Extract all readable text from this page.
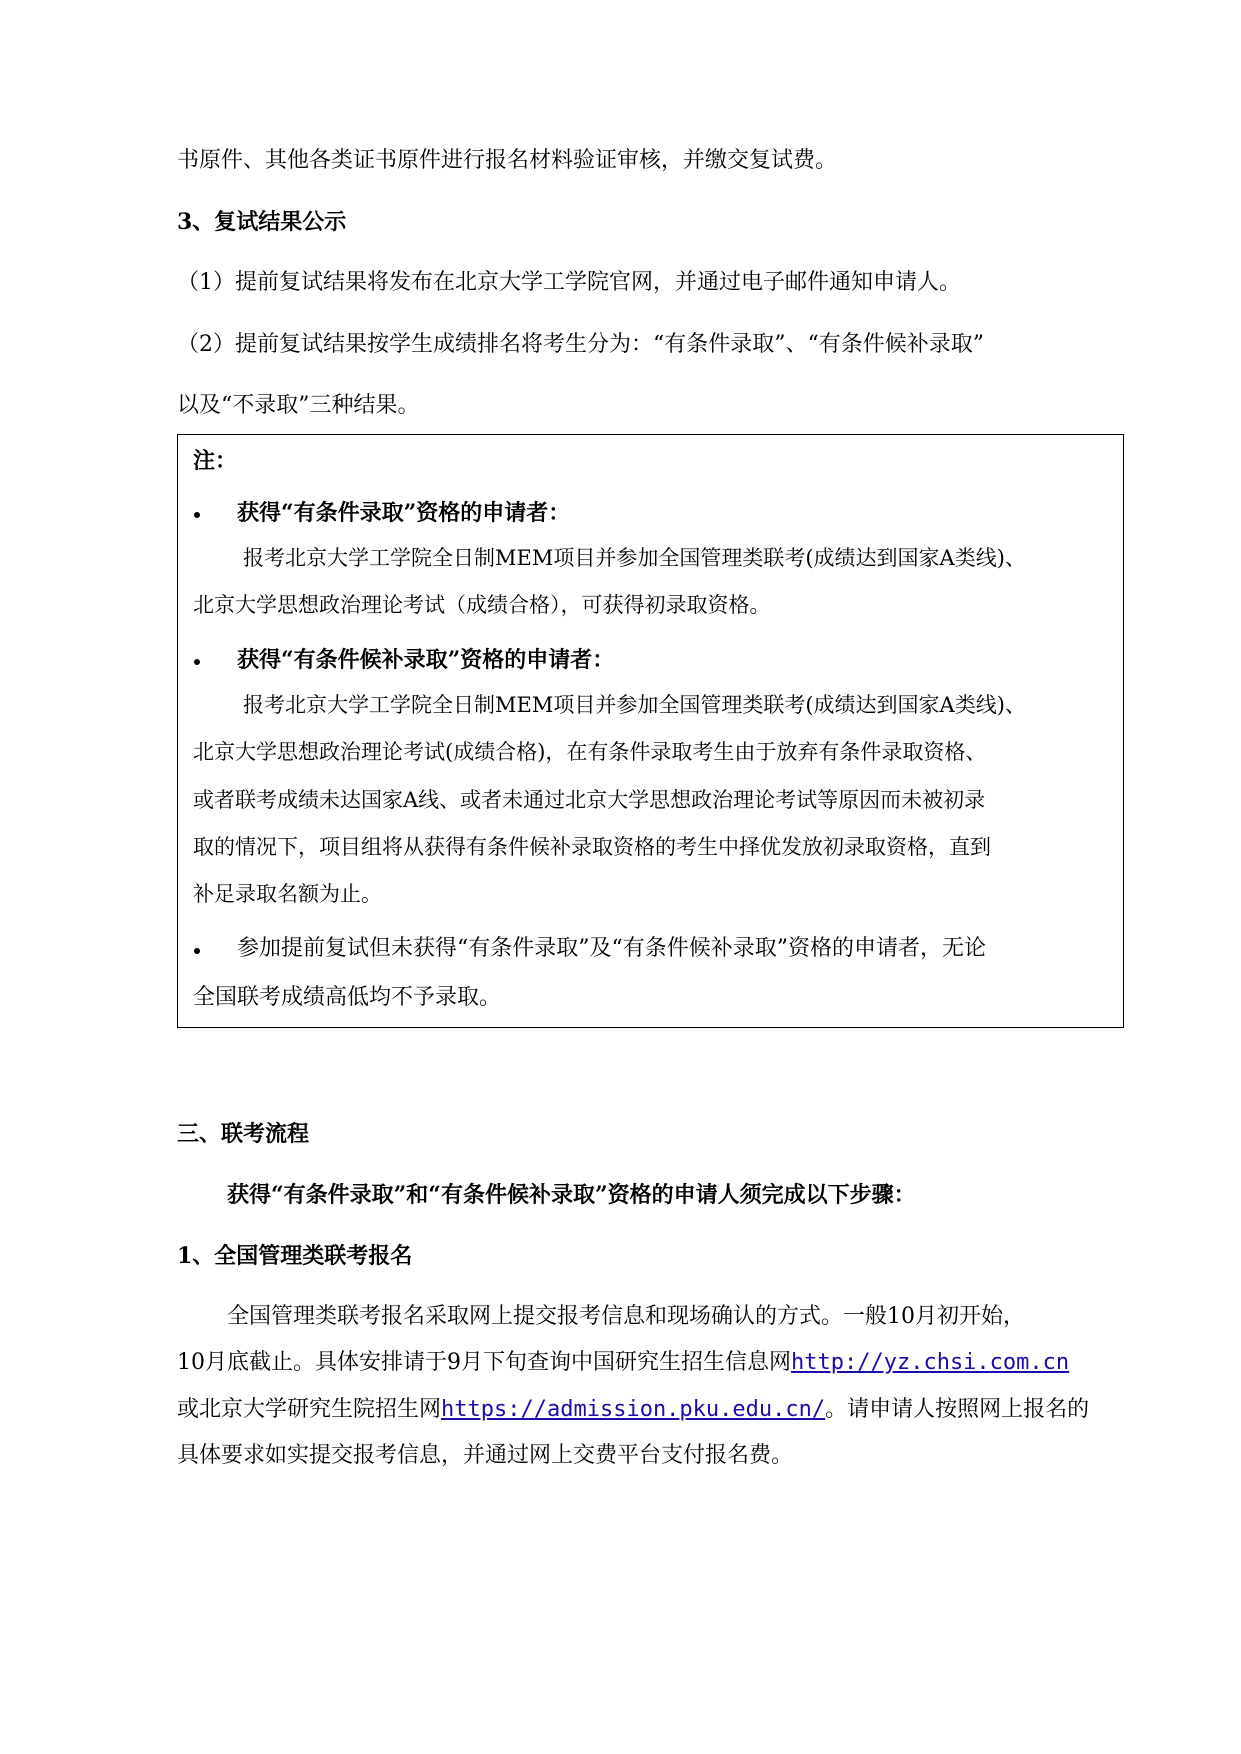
书原件、其他各类证书原件进行报名材料验证审核，并缴交复试费。
3、复试结果公示
（1）提前复试结果将发布在北京大学工学院官网，并通过电子邮件通知申请人。
（2）提前复试结果按学生成绩排名将考生分为：“有条件录取”、“有条件候补录取”
以及“不录取”三种结果。
注：
获得“有条件录取”资格的申请者：
报考北京大学工学院全日制MEM项目并参加全国管理类联考(成绩达到国家A类线)、
北京大学思想政治理论考试（成绩合格），可获得初录取资格。
获得“有条件候补录取”资格的申请者：
报考北京大学工学院全日制MEM项目并参加全国管理类联考(成绩达到国家A类线)、
北京大学思想政治理论考试(成绩合格)，在有条件录取考生由于放弃有条件录取资格、
或者联考成绩未达国家A线、或者未通过北京大学思想政治理论考试等原因而未被初录
取的情况下，项目组将从获得有条件候补录取资格的考生中择优发放初录取资格，直到
补足录取名额为止。
参加提前复试但未获得“有条件录取”及“有条件候补录取”资格的申请者，无论
全国联考成绩高低均不予录取。
三、联考流程
获得“有条件录取”和“有条件候补录取”资格的申请人须完成以下步骤：
1、全国管理类联考报名
全国管理类联考报名采取网上提交报考信息和现场确认的方式。一般10月初开始，
10月底截止。具体安排请于9月下旬查询中国研究生招生信息网http://yz.chsi.com.cn
或北京大学研究生院招生网https://admission.pku.edu.cn/。请申请人按照网上报名的
具体要求如实提交报考信息，并通过网上交费平台支付报名费。
